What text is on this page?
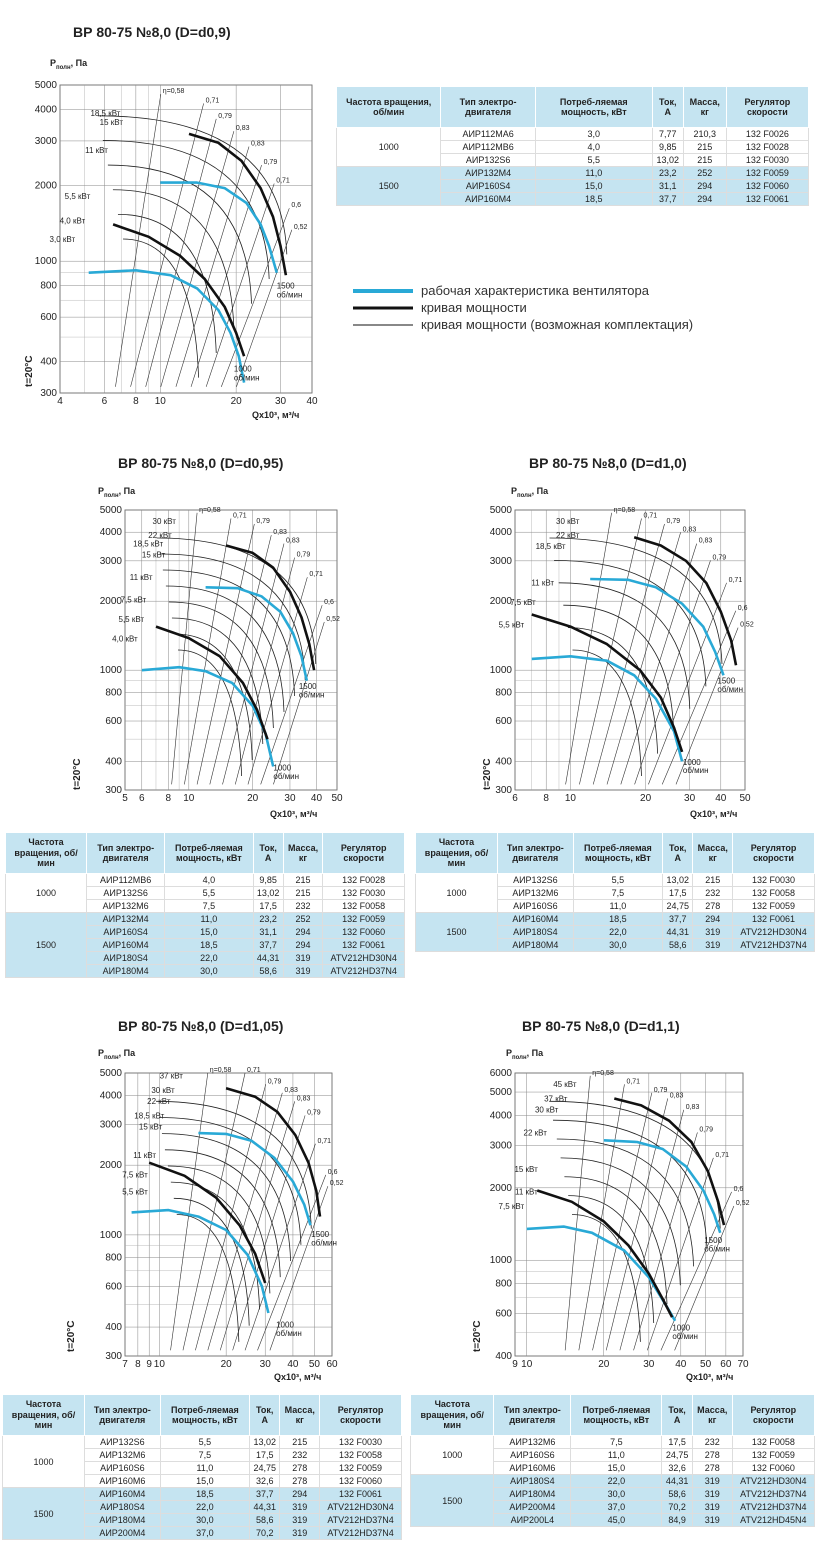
ВР 80-75 №8,0 (D=d0,9)
$P_{полн}$, Па
4	6	8 10	20	30 40
300
400
600
800
1000
2000
3000
4000
5000
18,5 кВт
15 кВт
11 кВт
5,5 кВт
4,0 кВт
3,0 кВт
η=0,58
0,71
0,79
0,83
0,83
0,79
0,71
0,6
0,52
1500
об/мин
1000
об/мин
t=20°C
Qx10³, м³/ч
Частота вращения, об/мин	Тип электро-двигателя	Потреб-ляемая мощность, кВт	Ток, А	Масса, кг	Регулятор скорости
1000	АИР112МА6	3,0	7,77	210,3	132 F0026
	АИР112МВ6	4,0	9,85	215	132 F0028
	АИР132S6	5,5	13,02	215	132 F0030
1500	АИР132М4	11,0	23,2	252	132 F0059
	АИР160S4	15,0	31,1	294	132 F0060
	АИР160М4	18,5	37,7	294	132 F0061
рабочая характеристика вентилятора
кривая мощности
кривая мощности (возможная комплектация)
ВР 80-75 №8,0 (D=d0,95)
$P_{полн}$, Па
5 6 8 10	20	30 40 50
300
400
600
800
1000
2000
3000
4000
5000
30 кВт
22 кВт
18,5 кВт
15 кВт
11 кВт
7,5 кВт
5,5 кВт
4,0 кВт
η=0,58
0,71
0,79
0,83
0,83
0,79
0,71
0,6
0,52
1500
об/мин
1000
об/мин
t=20°C
Qx10³, м³/ч
ВР 80-75 №8,0 (D=d1,0)
$P_{полн}$, Па
6	8 10	20	30 40 50
300
400
600
800
1000
2000
3000
4000
5000
30 кВт
22 кВт
18,5 кВт
11 кВт
7,5 кВт
5,5 кВт
η=0,58
0,71
0,79
0,83
0,83
0,79
0,71
0,6
0,52
1500
об/мин
1000
об/мин
t=20°C
Qx10³, м³/ч
Частота вращения, об/мин	Тип электро-двигателя	Потреб-ляемая мощность, кВт	Ток, А	Масса, кг	Регулятор скорости
1000	АИР112МВ6	4,0	9,85	215	132 F0028
	АИР132S6	5,5	13,02	215	132 F0030
	АИР132М6	7,5	17,5	232	132 F0058
1500	АИР132М4	11,0	23,2	252	132 F0059
	АИР160S4	15,0	31,1	294	132 F0060
	АИР160М4	18,5	37,7	294	132 F0061
	АИР180S4	22,0	44,31	319	ATV212HD30N4
	АИР180М4	30,0	58,6	319	ATV212HD37N4
Частота вращения, об/мин	Тип электро-двигателя	Потреб-ляемая мощность, кВт	Ток, А	Масса, кг	Регулятор скорости
1000	АИР132S6	5,5	13,02	215	132 F0030
	АИР132М6	7,5	17,5	232	132 F0058
	АИР160S6	11,0	24,75	278	132 F0059
1500	АИР160М4	18,5	37,7	294	132 F0061
	АИР180S4	22,0	44,31	319	ATV212HD30N4
	АИР180М4	30,0	58,6	319	ATV212HD37N4
ВР 80-75 №8,0 (D=d1,05)
$P_{полн}$, Па
7 8 9 10	20	30 40 50 60
300
400
600
800
1000
2000
3000
4000
5000	37 кВт
30 кВт
22 кВт
18,5 кВт
15 кВт
11 кВт
7,5 кВт
5,5 кВт
η=0,58 0,71
0,79
0,83
0,83
0,79
0,71
0,6
0,52
1500
об/мин
1000
об/мин
t=20°C
Qx10³, м³/ч
ВР 80-75 №8,0 (D=d1,1)
$P_{полн}$, Па
9 10	20	30 40 50 60 70
400
600
800
1000
2000
3000
4000
5000
6000
45 кВт
37 кВт
30 кВт
22 кВт
15 кВт
11 кВт
7,5 кВт
η=0,58
0,71
0,79
0,83
0,83
0,79
0,71
0,6
0,52
1500
об/мин
1000
об/мин
t=20°C
Qx10³, м³/ч
Частота вращения, об/мин	Тип электро-двигателя	Потреб-ляемая мощность, кВт	Ток, А	Масса, кг	Регулятор скорости
1000	АИР132S6	5,5	13,02	215	132 F0030
	АИР132М6	7,5	17,5	232	132 F0058
	АИР160S6	11,0	24,75	278	132 F0059
	АИР160М6	15,0	32,6	278	132 F0060
1500	АИР160М4	18,5	37,7	294	132 F0061
	АИР180S4	22,0	44,31	319	ATV212HD30N4
	АИР180М4	30,0	58,6	319	ATV212HD37N4
	АИР200М4	37,0	70,2	319	ATV212HD37N4
Частота вращения, об/мин	Тип электро-двигателя	Потреб-ляемая мощность, кВт	Ток, А	Масса, кг	Регулятор скорости
1000	АИР132М6	7,5	17,5	232	132 F0058
	АИР160S6	11,0	24,75	278	132 F0059
	АИР160М6	15,0	32,6	278	132 F0060
1500	АИР180S4	22,0	44,31	319	ATV212HD30N4
	АИР180М4	30,0	58,6	319	ATV212HD37N4
	АИР200М4	37,0	70,2	319	ATV212HD37N4
	АИР200L4	45,0	84,9	319	ATV212HD45N4
